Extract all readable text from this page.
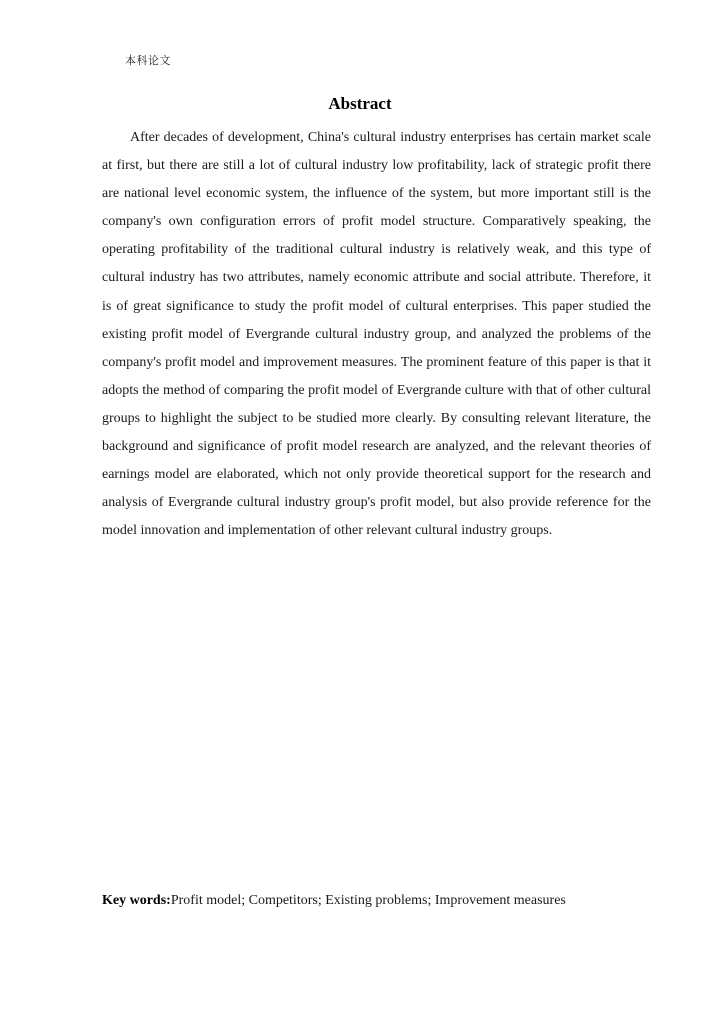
本科论文
Abstract

After decades of development, China's cultural industry enterprises has certain market scale at first, but there are still a lot of cultural industry low profitability, lack of strategic profit there are national level economic system, the influence of the system, but more important still is the company's own configuration errors of profit model structure. Comparatively speaking, the operating profitability of the traditional cultural industry is relatively weak, and this type of cultural industry has two attributes, namely economic attribute and social attribute. Therefore, it is of great significance to study the profit model of cultural enterprises. This paper studied the existing profit model of Evergrande cultural industry group, and analyzed the problems of the company's profit model and improvement measures. The prominent feature of this paper is that it adopts the method of comparing the profit model of Evergrande culture with that of other cultural groups to highlight the subject to be studied more clearly. By consulting relevant literature, the background and significance of profit model research are analyzed, and the relevant theories of earnings model are elaborated, which not only provide theoretical support for the research and analysis of Evergrande cultural industry group's profit model, but also provide reference for the model innovation and implementation of other relevant cultural industry groups.

Key words:Profit model; Competitors; Existing problems; Improvement measures
